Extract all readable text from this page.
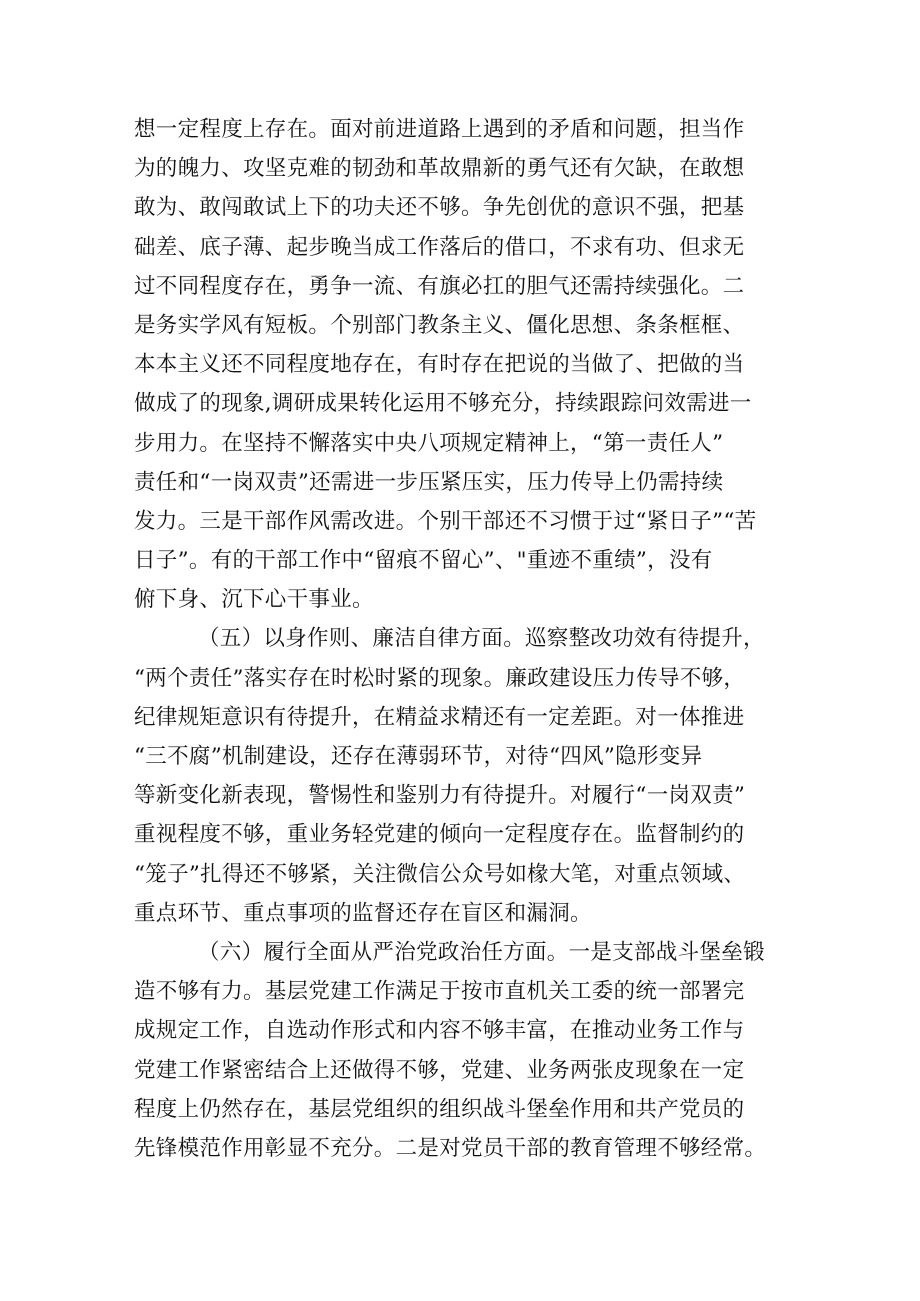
想一定程度上存在。面对前进道路上遇到的矛盾和问题，担当作
为的魄力、攻坚克难的韧劲和革故鼎新的勇气还有欠缺，在敢想
敢为、敢闯敢试上下的功夫还不够。争先创优的意识不强，把基
础差、底子薄、起步晚当成工作落后的借口，不求有功、但求无
过不同程度存在，勇争一流、有旗必扛的胆气还需持续强化。二
是务实学风有短板。个别部门教条主义、僵化思想、条条框框、
本本主义还不同程度地存在，有时存在把说的当做了、把做的当
做成了的现象,调研成果转化运用不够充分，持续跟踪问效需进一
步用力。在坚持不懈落实中央八项规定精神上，“第一责任人”
责任和“一岗双责”还需进一步压紧压实，压力传导上仍需持续
发力。三是干部作风需改进。个别干部还不习惯于过“紧日子”“苦
日子”。有的干部工作中“留痕不留心”、"重迹不重绩”，没有
俯下身、沉下心干事业。
（五）以身作则、廉洁自律方面。巡察整改功效有待提升，
“两个责任”落实存在时松时紧的现象。廉政建设压力传导不够，
纪律规矩意识有待提升，在精益求精还有一定差距。对一体推进
“三不腐”机制建设，还存在薄弱环节，对待“四风”隐形变异
等新变化新表现，警惕性和鉴别力有待提升。对履行“一岗双责”
重视程度不够，重业务轻党建的倾向一定程度存在。监督制约的
“笼子”扎得还不够紧，关注微信公众号如椽大笔，对重点领域、
重点环节、重点事项的监督还存在盲区和漏洞。
（六）履行全面从严治党政治任方面。一是支部战斗堡垒锻
造不够有力。基层党建工作满足于按市直机关工委的统一部署完
成规定工作，自选动作形式和内容不够丰富，在推动业务工作与
党建工作紧密结合上还做得不够，党建、业务两张皮现象在一定
程度上仍然存在，基层党组织的组织战斗堡垒作用和共产党员的
先锋模范作用彰显不充分。二是对党员干部的教育管理不够经常。
